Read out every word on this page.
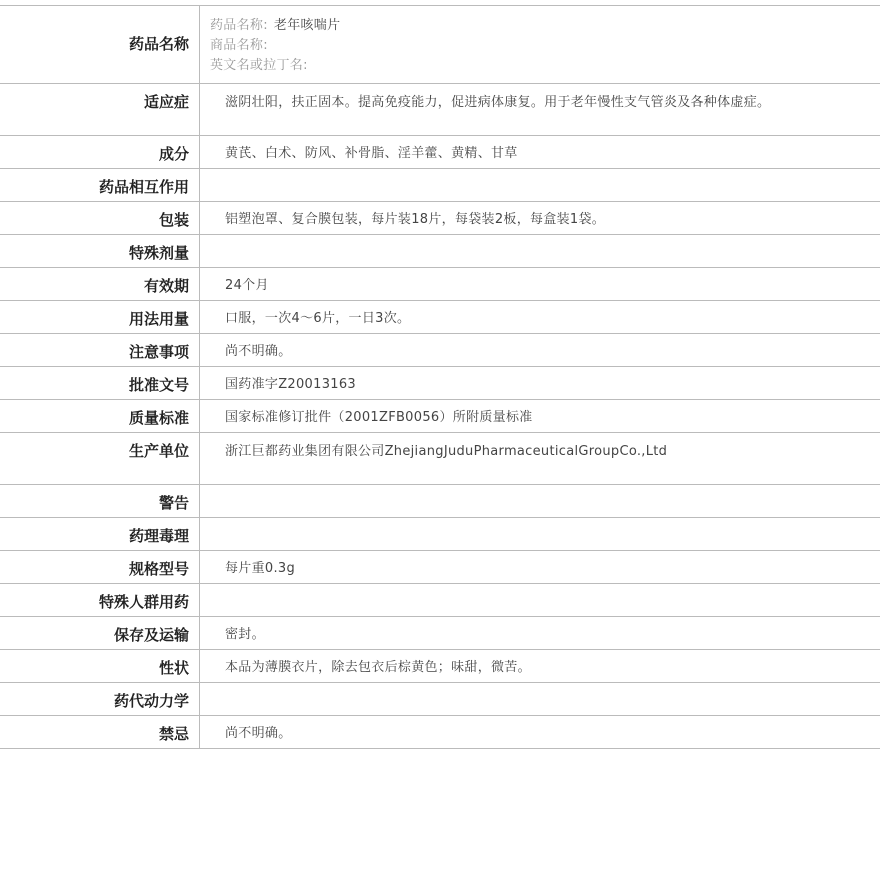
药品名称
药品名称: 老年咳喘片
商品名称:
英文名或拉丁名:
适应症	滋阴壮阳，扶正固本。提高免疫能力，促进病体康复。用于老年慢性支气管炎及各种体虚症。
成分	黄芪、白术、防风、补骨脂、淫羊藿、黄精、甘草
药品相互作用
包装	铝塑泡罩、复合膜包装，每片装18片，每袋装2板，每盒装1袋。
特殊剂量
有效期	24个月
用法用量	口服，一次4～6片，一日3次。
注意事项	尚不明确。
批准文号	国药准字Z20013163
质量标准	国家标准修订批件（2001ZFB0056）所附质量标准
生产单位	浙江巨都药业集团有限公司ZhejiangJuduPharmaceuticalGroupCo.,Ltd
警告
药理毒理
规格型号	每片重0.3g
特殊人群用药
保存及运输	密封。
性状	本品为薄膜衣片，除去包衣后棕黄色；味甜，微苦。
药代动力学
禁忌	尚不明确。
